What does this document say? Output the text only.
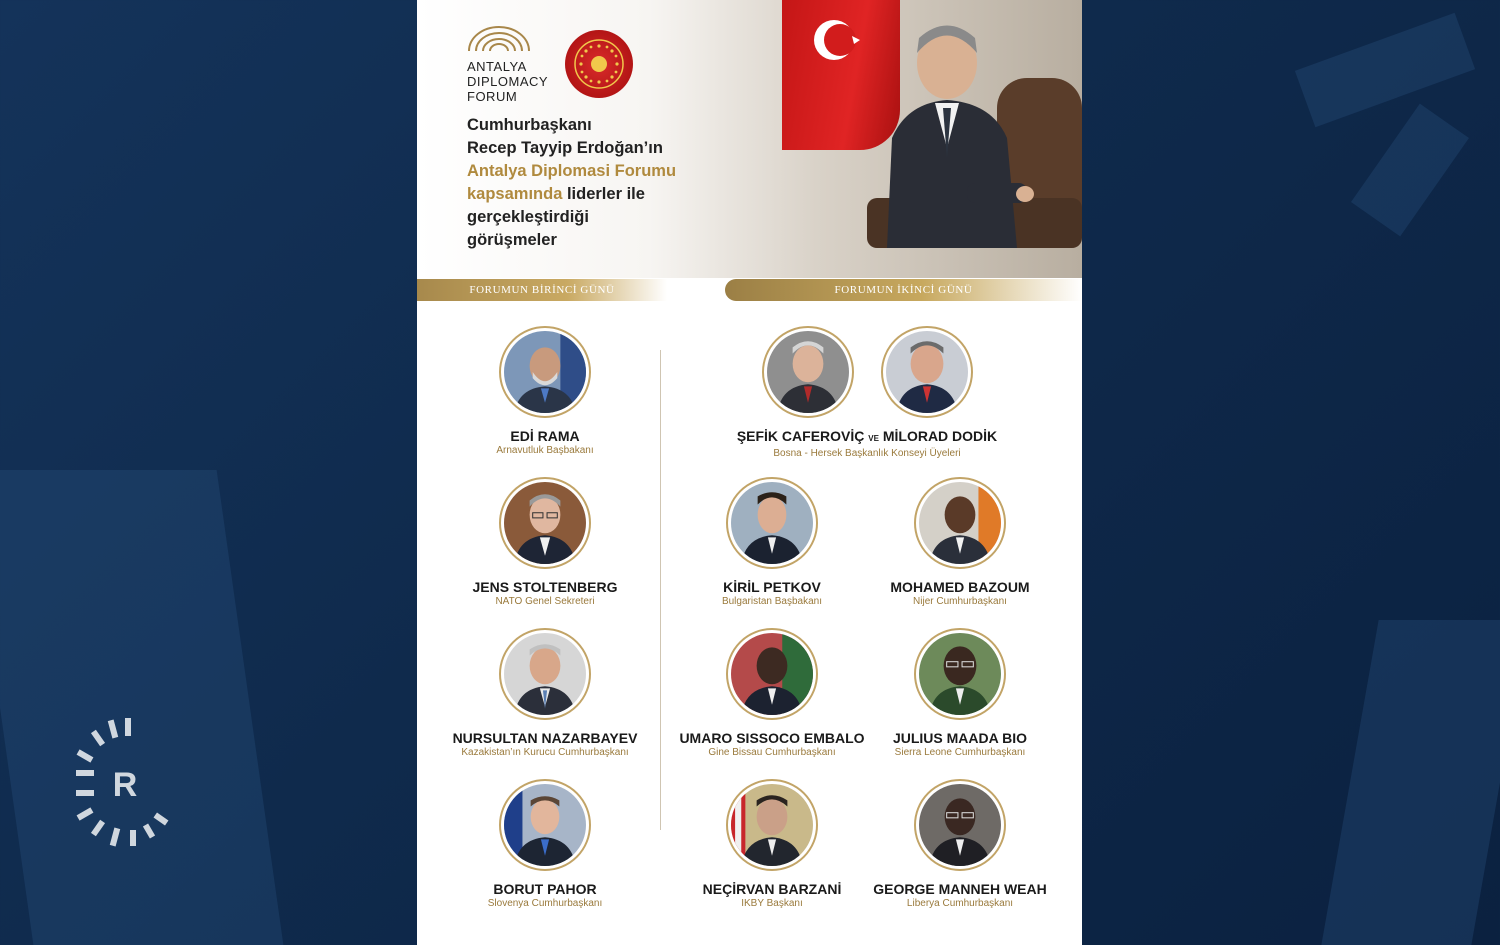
R
ANTALYA
DIPLOMACY
FORUM
Cumhurbaşkanı
Recep Tayyip Erdoğan’ın
Antalya Diplomasi Forumu
kapsamında liderler ile
gerçekleştirdiği
görüşmeler
FORUMUN BİRİNCİ GÜNÜ	FORUMUN İKİNCİ GÜNÜ
EDİ RAMA
Arnavutluk Başbakanı
JENS STOLTENBERG
NATO Genel Sekreteri
NURSULTAN NAZARBAYEV
Kazakistan’ın Kurucu Cumhurbaşkanı
BORUT PAHOR
Slovenya Cumhurbaşkanı
ŞEFİK CAFEROVİÇ VE MİLORAD DODİK
Bosna - Hersek Başkanlık Konseyi Üyeleri
KİRİL PETKOV
Bulgaristan Başbakanı
MOHAMED BAZOUM
Nijer Cumhurbaşkanı
UMARO SISSOCO EMBALO
Gine Bissau Cumhurbaşkanı
JULIUS MAADA BIO
Sierra Leone Cumhurbaşkanı
NEÇİRVAN BARZANİ
IKBY Başkanı
GEORGE MANNEH WEAH
Liberya Cumhurbaşkanı
